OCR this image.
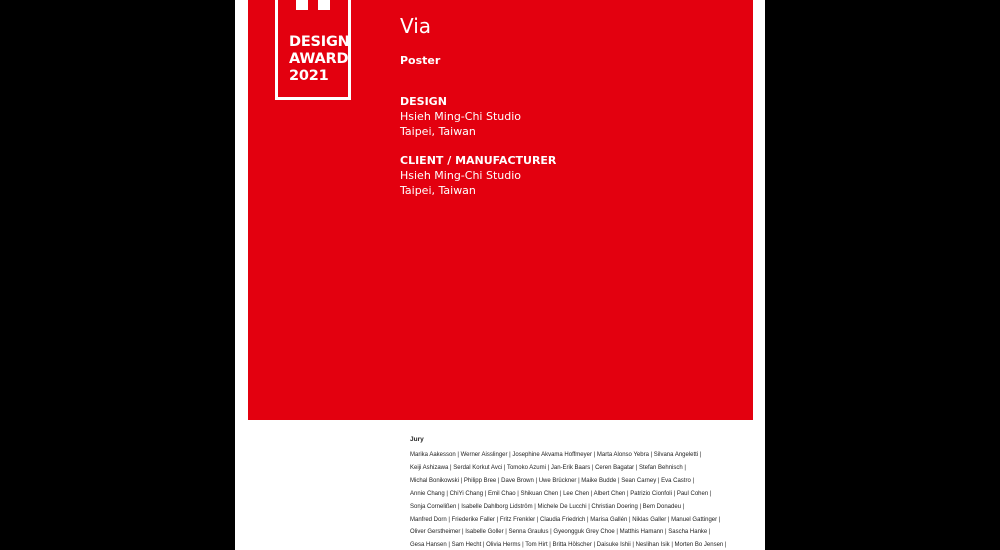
DESIGN
AWARD
2021
Via
Poster
DESIGN
Hsieh Ming-Chi Studio
Taipei, Taiwan
CLIENT / MANUFACTURER
Hsieh Ming-Chi Studio
Taipei, Taiwan
Jury
Marika Aakesson | Werner Aisslinger | Josephine Akvama Hoffmeyer | Marta Alonso Yebra | Silvana Angeletti |
Keiji Ashizawa | Serdal Korkut Avci | Tomoko Azumi | Jan-Erik Baars | Ceren Bagatar | Stefan Behnisch |
Michal Bonikowski | Philipp Bree | Dave Brown | Uwe Brückner | Maike Budde | Sean Carney | Eva Castro |
Annie Chang | ChiYi Chang | Emil Chao | Shikuan Chen | Lee Chen | Albert Chen | Patrizio Cionfoli | Paul Cohen |
Sonja Cornelißen | Isabelle Dahlborg Lidström | Michele De Lucchi | Christian Doering | Bem Donadeu |
Manfred Dorn | Friederike Faller | Fritz Frenkler | Claudia Friedrich | Marisa Gallén | Niklas Galler | Manuel Gattinger |
Oliver Gerstheimer | Isabelle Goller | Senna Graulus | Gyeongguk Grey Choe | Matthis Hamann | Sascha Hanke |
Gesa Hansen | Sam Hecht | Olivia Herms | Tom Hirt | Britta Hölscher | Daisuke Ishii | Neslihan Isik | Morten Bo Jensen |
